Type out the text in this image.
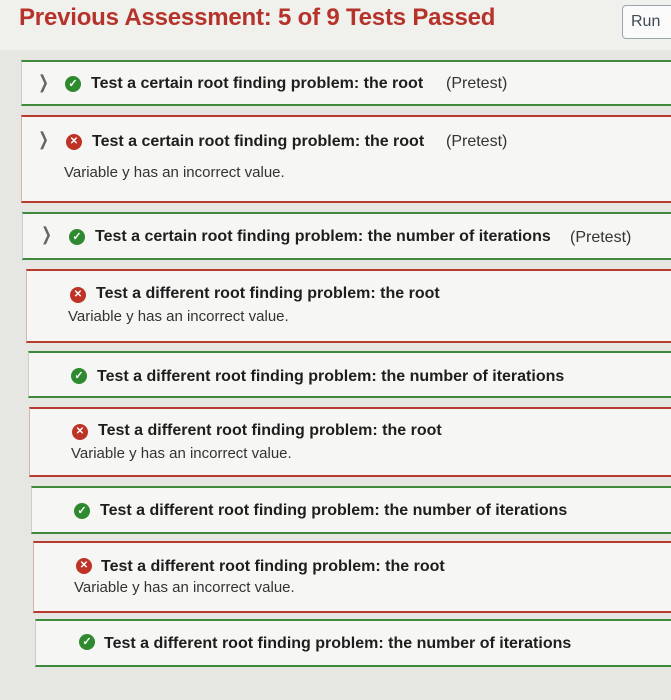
Previous Assessment: 5 of 9 Tests Passed	Run
❯	✓ Test a certain root finding problem: the root (Pretest)
❯	✕ Test a certain root finding problem: the root (Pretest)
Variable y has an incorrect value.
❯	✓ Test a certain root finding problem: the number of iterations (Pretest)
✕ Test a different root finding problem: the root
Variable y has an incorrect value.
✓ Test a different root finding problem: the number of iterations
✕ Test a different root finding problem: the root
Variable y has an incorrect value.
✓ Test a different root finding problem: the number of iterations
✕ Test a different root finding problem: the root
Variable y has an incorrect value.
✓ Test a different root finding problem: the number of iterations
